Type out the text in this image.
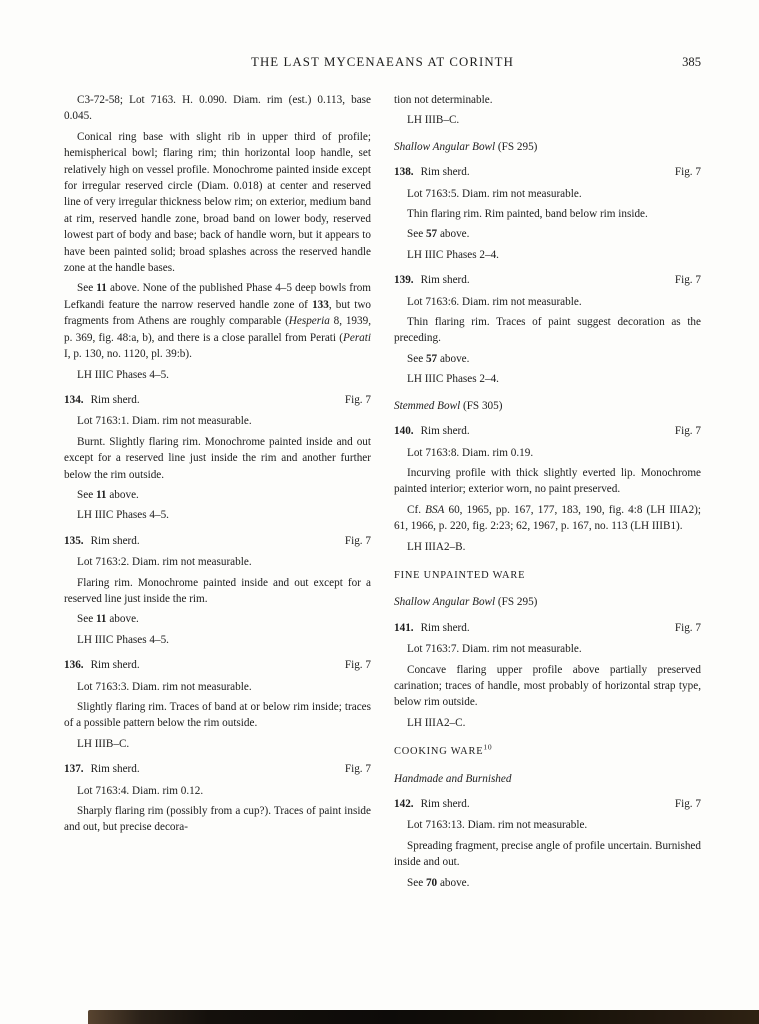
THE LAST MYCENAEANS AT CORINTH	385

C3-72-58; Lot 7163. H. 0.090. Diam. rim (est.) 0.113, base 0.045.

Conical ring base with slight rib in upper third of profile; hemispherical bowl; flaring rim; thin horizontal loop handle, set relatively high on vessel profile. Monochrome painted inside except for irregular reserved circle (Diam. 0.018) at center and reserved line of very irregular thickness below rim; on exterior, medium band at rim, reserved handle zone, broad band on lower body, reserved lowest part of body and base; back of handle worn, but it appears to have been painted solid; broad splashes across the reserved handle zone at the handle bases.

See 11 above. None of the published Phase 4–5 deep bowls from Lefkandi feature the narrow reserved handle zone of 133, but two fragments from Athens are roughly comparable (Hesperia 8, 1939, p. 369, fig. 48:a, b), and there is a close parallel from Perati (Perati I, p. 130, no. 1120, pl. 39:b).

LH IIIC Phases 4–5.

134. Rim sherd.	Fig. 7

Lot 7163:1. Diam. rim not measurable.

Burnt. Slightly flaring rim. Monochrome painted inside and out except for a reserved line just inside the rim and another further below the rim outside.

See 11 above.

LH IIIC Phases 4–5.

135. Rim sherd.	Fig. 7

Lot 7163:2. Diam. rim not measurable.

Flaring rim. Monochrome painted inside and out except for a reserved line just inside the rim.

See 11 above.

LH IIIC Phases 4–5.

136. Rim sherd.	Fig. 7

Lot 7163:3. Diam. rim not measurable.

Slightly flaring rim. Traces of band at or below rim inside; traces of a possible pattern below the rim outside.

LH IIIB–C.

137. Rim sherd.	Fig. 7

Lot 7163:4. Diam. rim 0.12.

Sharply flaring rim (possibly from a cup?). Traces of paint inside and out, but precise decora-

tion not determinable.

LH IIIB–C.

Shallow Angular Bowl (FS 295)

138. Rim sherd.	Fig. 7

Lot 7163:5. Diam. rim not measurable.

Thin flaring rim. Rim painted, band below rim inside.

See 57 above.

LH IIIC Phases 2–4.

139. Rim sherd.	Fig. 7

Lot 7163:6. Diam. rim not measurable.

Thin flaring rim. Traces of paint suggest decoration as the preceding.

See 57 above.

LH IIIC Phases 2–4.

Stemmed Bowl (FS 305)

140. Rim sherd.	Fig. 7

Lot 7163:8. Diam. rim 0.19.

Incurving profile with thick slightly everted lip. Monochrome painted interior; exterior worn, no paint preserved.

Cf. BSA 60, 1965, pp. 167, 177, 183, 190, fig. 4:8 (LH IIIA2); 61, 1966, p. 220, fig. 2:23; 62, 1967, p. 167, no. 113 (LH IIIB1).

LH IIIA2–B.

FINE UNPAINTED WARE

Shallow Angular Bowl (FS 295)

141. Rim sherd.	Fig. 7

Lot 7163:7. Diam. rim not measurable.

Concave flaring upper profile above partially preserved carination; traces of handle, most probably of horizontal strap type, below rim outside.

LH IIIA2–C.

COOKING WARE$^{10}$

Handmade and Burnished

142. Rim sherd.	Fig. 7

Lot 7163:13. Diam. rim not measurable.

Spreading fragment, precise angle of profile uncertain. Burnished inside and out.

See 70 above.
